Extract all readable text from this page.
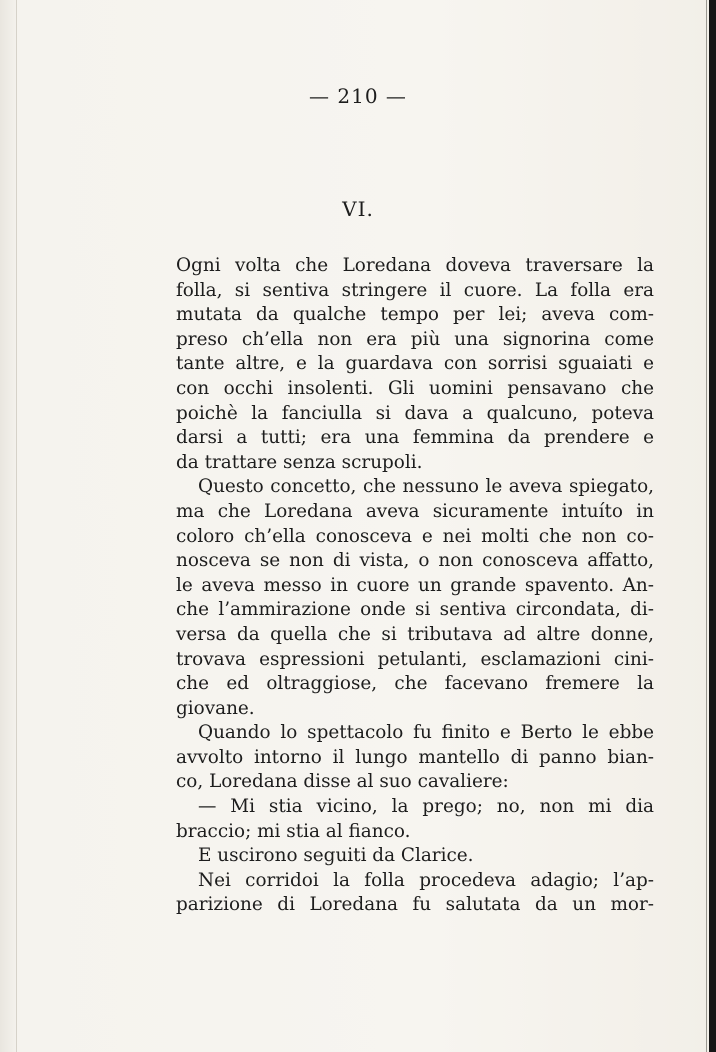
— 210 —
VI.
Ogni volta che Loredana doveva traversare la
folla, si sentiva stringere il cuore. La folla era
mutata da qualche tempo per lei; aveva com-
preso ch’ella non era più una signorina come
tante altre, e la guardava con sorrisi sguaiati e
con occhi insolenti. Gli uomini pensavano che
poichè la fanciulla si dava a qualcuno, poteva
darsi a tutti; era una femmina da prendere e
da trattare senza scrupoli.
Questo concetto, che nessuno le aveva spiegato,
ma che Loredana aveva sicuramente intuíto in
coloro ch’ella conosceva e nei molti che non co-
nosceva se non di vista, o non conosceva affatto,
le aveva messo in cuore un grande spavento. An-
che l’ammirazione onde si sentiva circondata, di-
versa da quella che si tributava ad altre donne,
trovava espressioni petulanti, esclamazioni cini-
che ed oltraggiose, che facevano fremere la
giovane.
Quando lo spettacolo fu finito e Berto le ebbe
avvolto intorno il lungo mantello di panno bian-
co, Loredana disse al suo cavaliere:
— Mi stia vicino, la prego; no, non mi dia
braccio; mi stia al fianco.
E uscirono seguiti da Clarice.
Nei corridoi la folla procedeva adagio; l’ap-
parizione di Loredana fu salutata da un mor-
